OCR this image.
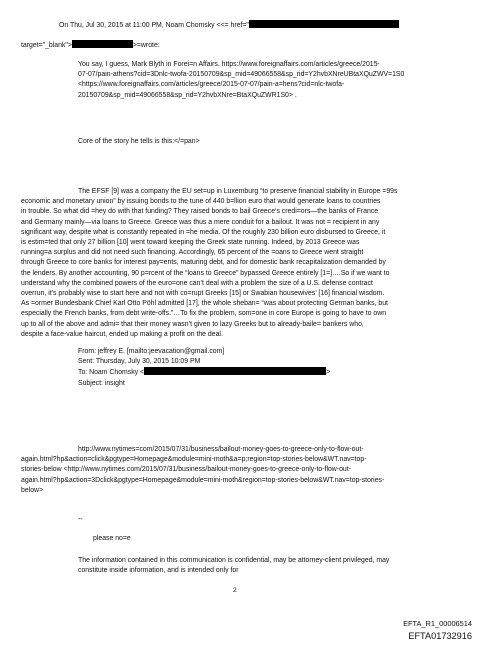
On Thu, Jul 30, 2015 at 11:00 PM, Noam Chomsky <<= href="
target="_blank">	>=wrote:
You say, I guess, Mark Blyth in Forei=n Affairs. https://www.foreignaffairs.com/articles/greece/2015-
07-07/pain-athens?cid=3Dnlc-twofa-20150709&sp_mid=49066558&sp_rid=Y2hvbXNreUBtaXQuZWV=1S0
<https://www.foreignaffairs.com/articles/greece/2015-07-07/pain-a=hens?cid=nlc-twofa-
20150709&sp_mid=49066558&sp_rid=Y2hvbXNre=BtaXQuZWR1S0> .
Core of the story he tells is this:</=pan>
The EFSF [9] was a company the EU set=up in Luxemburg “to preserve financial stability in Europe =99s
economic and monetary union” by issuing bonds to the tune of 440 b=llion euro that would generate loans to countries
in trouble. So what did =hey do with that funding? They raised bonds to bail Greece’s credi=ors—the banks of France
and Germany mainly—via loans to Greece. Greece was thus a mere conduit for a bailout. It was not = recipient in any
significant way, despite what is constantly repeated in =he media. Of the roughly 230 billion euro disbursed to Greece, it
is estim=ted that only 27 billion [10] went toward keeping the Greek state running. Indeed, by 2013 Greece was
running=a surplus and did not need such financing. Accordingly, 65 percent of the =oans to Greece went straight
through Greece to core banks for interest pay=ents, maturing debt, and for domestic bank recapitalization demanded by
the lenders. By another accounting, 90 p=rcent of the “loans to Greece” bypassed Greece entirely [1=]….So if we want to
understand why the combined powers of the euro=one can’t deal with a problem the size of a U.S. defense contract
overrun, it’s probably wise to start here and not with co=rupt Greeks [15] or Swabian housewives’ [16] financial wisdom.
As =ormer Bundesbank Chief Karl Otto Pöhl admitted [17], the whole sheban= “was about protecting German banks, but
especially the French banks, from debt write-offs.”…To fix the problem, som=one in core Europe is going to have to own
up to all of the above and admi= that their money wasn’t given to lazy Greeks but to already-baile= bankers who,
despite a face-value haircut, ended up making a profit on the deal.
From: jeffrey E. [mailto:jeevacation@gmail.com]
Sent: Thursday, July 30, 2015 10:09 PM
To: Noam Chomsky <	>
Subject: insight
http://www.nytimes=com/2015/07/31/business/bailout-money-goes-to-greece-only-to-flow-out-
again.html?hp&action=click&pgtype=Homepage&module=mini-moth&a=p;region=top-stories-below&WT.nav=top-
stories-below <http://www.nytimes.com/2015/07/31/business/bailout-money-goes-to-greece-only-to-flow-out-
again.html?hp&action=3Dclick&pgtype=Homepage&module=mini-moth&region=top-stories-below&WT.nav=top-stories-
below>
--
please no=e
The information contained in this communication is confidential, may be attorney-client privileged, may
constitute inside information, and is intended only for
2
EFTA_R1_00006514
EFTA01732916
